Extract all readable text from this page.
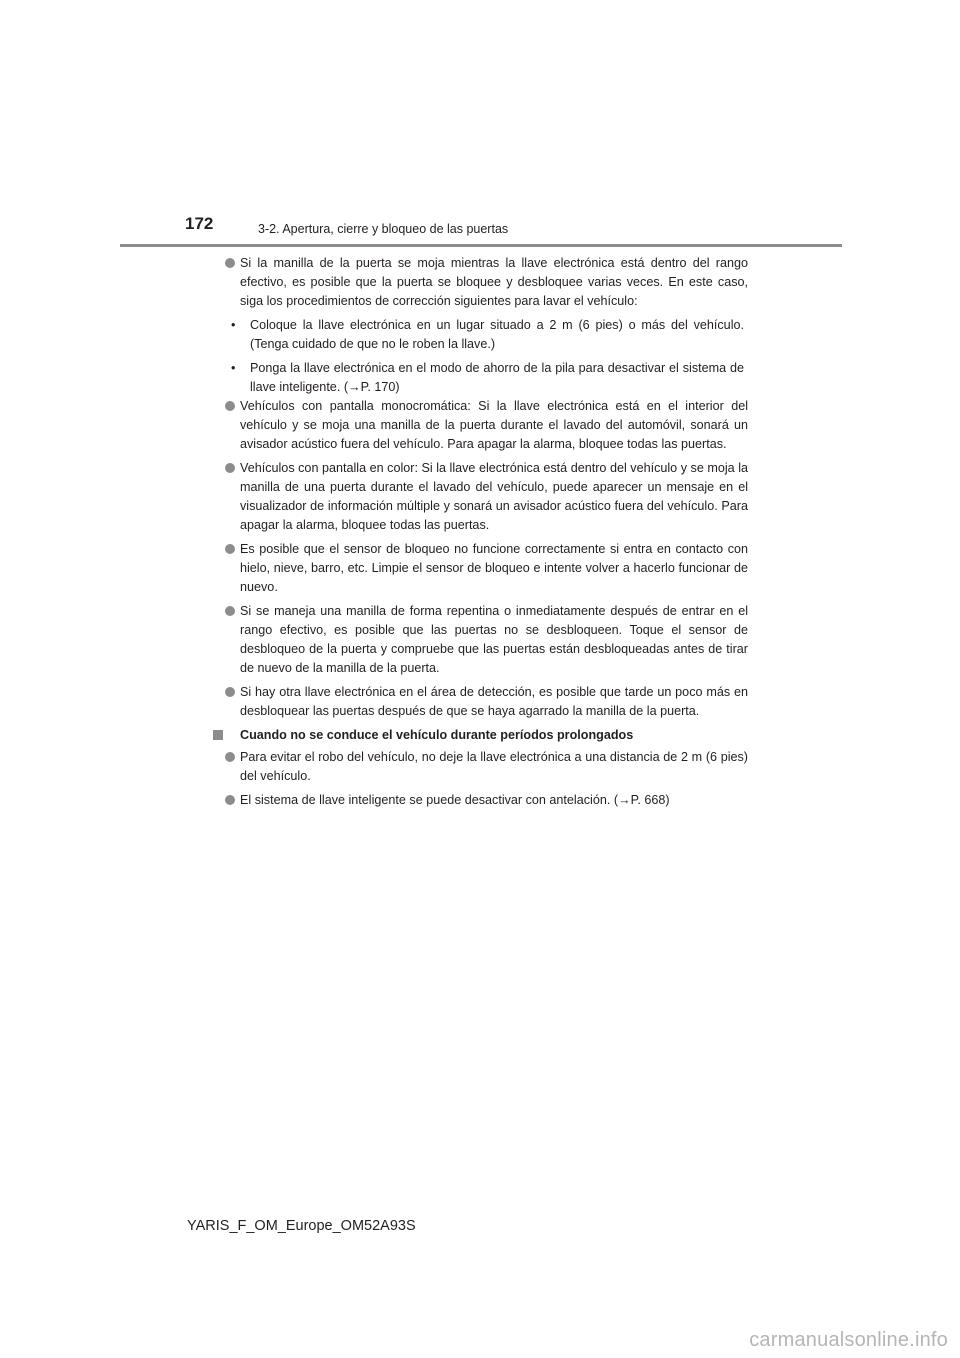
172	3-2. Apertura, cierre y bloqueo de las puertas
Si la manilla de la puerta se moja mientras la llave electrónica está dentro del rango efectivo, es posible que la puerta se bloquee y desbloquee varias veces. En este caso, siga los procedimientos de corrección siguientes para lavar el vehículo:
• Coloque la llave electrónica en un lugar situado a 2 m (6 pies) o más del vehículo. (Tenga cuidado de que no le roben la llave.)
• Ponga la llave electrónica en el modo de ahorro de la pila para desactivar el sistema de llave inteligente. (→P. 170)
Vehículos con pantalla monocromática: Si la llave electrónica está en el interior del vehículo y se moja una manilla de la puerta durante el lavado del automóvil, sonará un avisador acústico fuera del vehículo. Para apagar la alarma, bloquee todas las puertas.
Vehículos con pantalla en color: Si la llave electrónica está dentro del vehículo y se moja la manilla de una puerta durante el lavado del vehículo, puede aparecer un mensaje en el visualizador de información múltiple y sonará un avisador acústico fuera del vehículo. Para apagar la alarma, bloquee todas las puertas.
Es posible que el sensor de bloqueo no funcione correctamente si entra en contacto con hielo, nieve, barro, etc. Limpie el sensor de bloqueo e intente volver a hacerlo funcionar de nuevo.
Si se maneja una manilla de forma repentina o inmediatamente después de entrar en el rango efectivo, es posible que las puertas no se desbloqueen. Toque el sensor de desbloqueo de la puerta y compruebe que las puertas están desbloqueadas antes de tirar de nuevo de la manilla de la puerta.
Si hay otra llave electrónica en el área de detección, es posible que tarde un poco más en desbloquear las puertas después de que se haya agarrado la manilla de la puerta.
Cuando no se conduce el vehículo durante períodos prolongados
Para evitar el robo del vehículo, no deje la llave electrónica a una distancia de 2 m (6 pies) del vehículo.
El sistema de llave inteligente se puede desactivar con antelación. (→P. 668)
YARIS_F_OM_Europe_OM52A93S
carmanualsonline.info
